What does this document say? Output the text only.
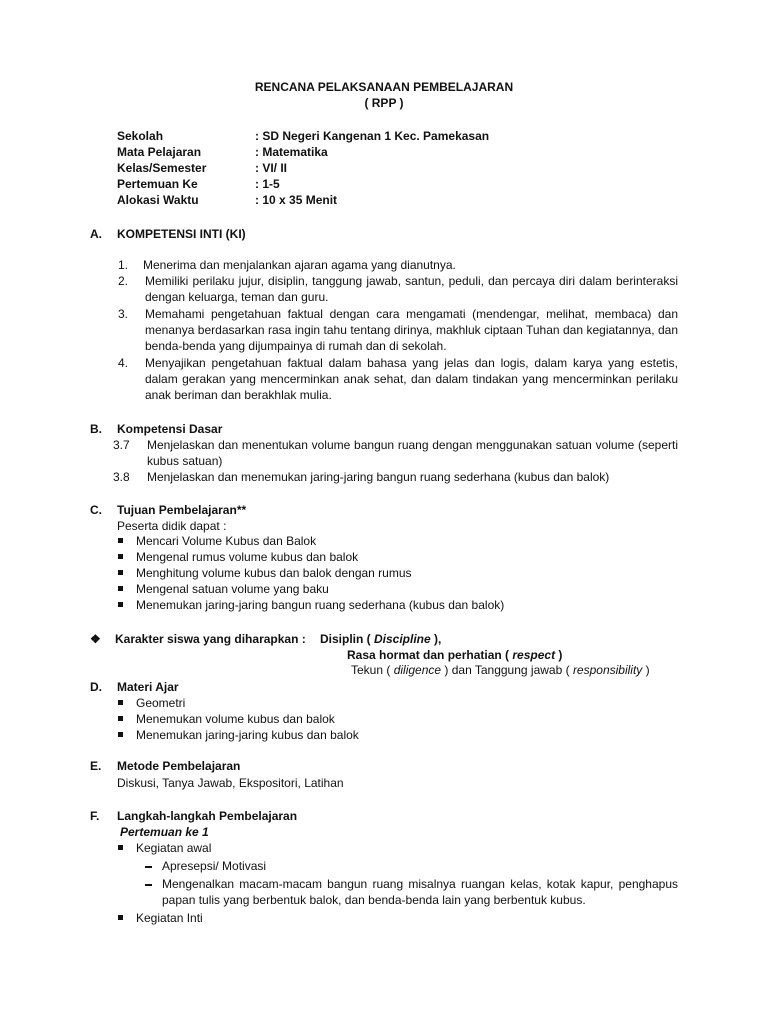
RENCANA PELAKSANAAN PEMBELAJARAN
( RPP )
Sekolah	: SD Negeri Kangenan 1 Kec. Pamekasan
Mata Pelajaran	: Matematika
Kelas/Semester	: VI/ II
Pertemuan Ke	: 1-5
Alokasi Waktu	: 10 x 35 Menit
A. KOMPETENSI INTI (KI)
1. Menerima dan menjalankan ajaran agama yang dianutnya.
2. Memiliki perilaku jujur, disiplin, tanggung jawab, santun, peduli, dan percaya diri dalam berinteraksi dengan keluarga, teman dan guru.
3. Memahami pengetahuan faktual dengan cara mengamati (mendengar, melihat, membaca) dan menanya berdasarkan rasa ingin tahu tentang dirinya, makhluk ciptaan Tuhan dan kegiatannya, dan benda-benda yang dijumpainya di rumah dan di sekolah.
4. Menyajikan pengetahuan faktual dalam bahasa yang jelas dan logis, dalam karya yang estetis, dalam gerakan yang mencerminkan anak sehat, dan dalam tindakan yang mencerminkan perilaku anak beriman dan berakhlak mulia.
B. Kompetensi Dasar
3.7 Menjelaskan dan menentukan volume bangun ruang dengan menggunakan satuan volume (seperti kubus satuan)
3.8 Menjelaskan dan menemukan jaring-jaring bangun ruang sederhana (kubus dan balok)
C. Tujuan Pembelajaran**
Peserta didik dapat :
Mencari Volume Kubus dan Balok
Mengenal rumus volume kubus dan balok
Menghitung volume kubus dan balok dengan rumus
Mengenal satuan volume yang baku
Menemukan jaring-jaring bangun ruang sederhana (kubus dan balok)
❖ Karakter siswa yang diharapkan : Disiplin ( Discipline ),
Rasa hormat dan perhatian ( respect )
Tekun ( diligence ) dan Tanggung jawab ( responsibility )
D. Materi Ajar
Geometri
Menemukan volume kubus dan balok
Menemukan jaring-jaring kubus dan balok
E. Metode Pembelajaran
Diskusi, Tanya Jawab, Ekspositori, Latihan
F. Langkah-langkah Pembelajaran
Pertemuan ke 1
Kegiatan awal
Apresepsi/ Motivasi
Mengenalkan macam-macam bangun ruang misalnya ruangan kelas, kotak kapur, penghapus papan tulis yang berbentuk balok, dan benda-benda lain yang berbentuk kubus.
Kegiatan Inti
